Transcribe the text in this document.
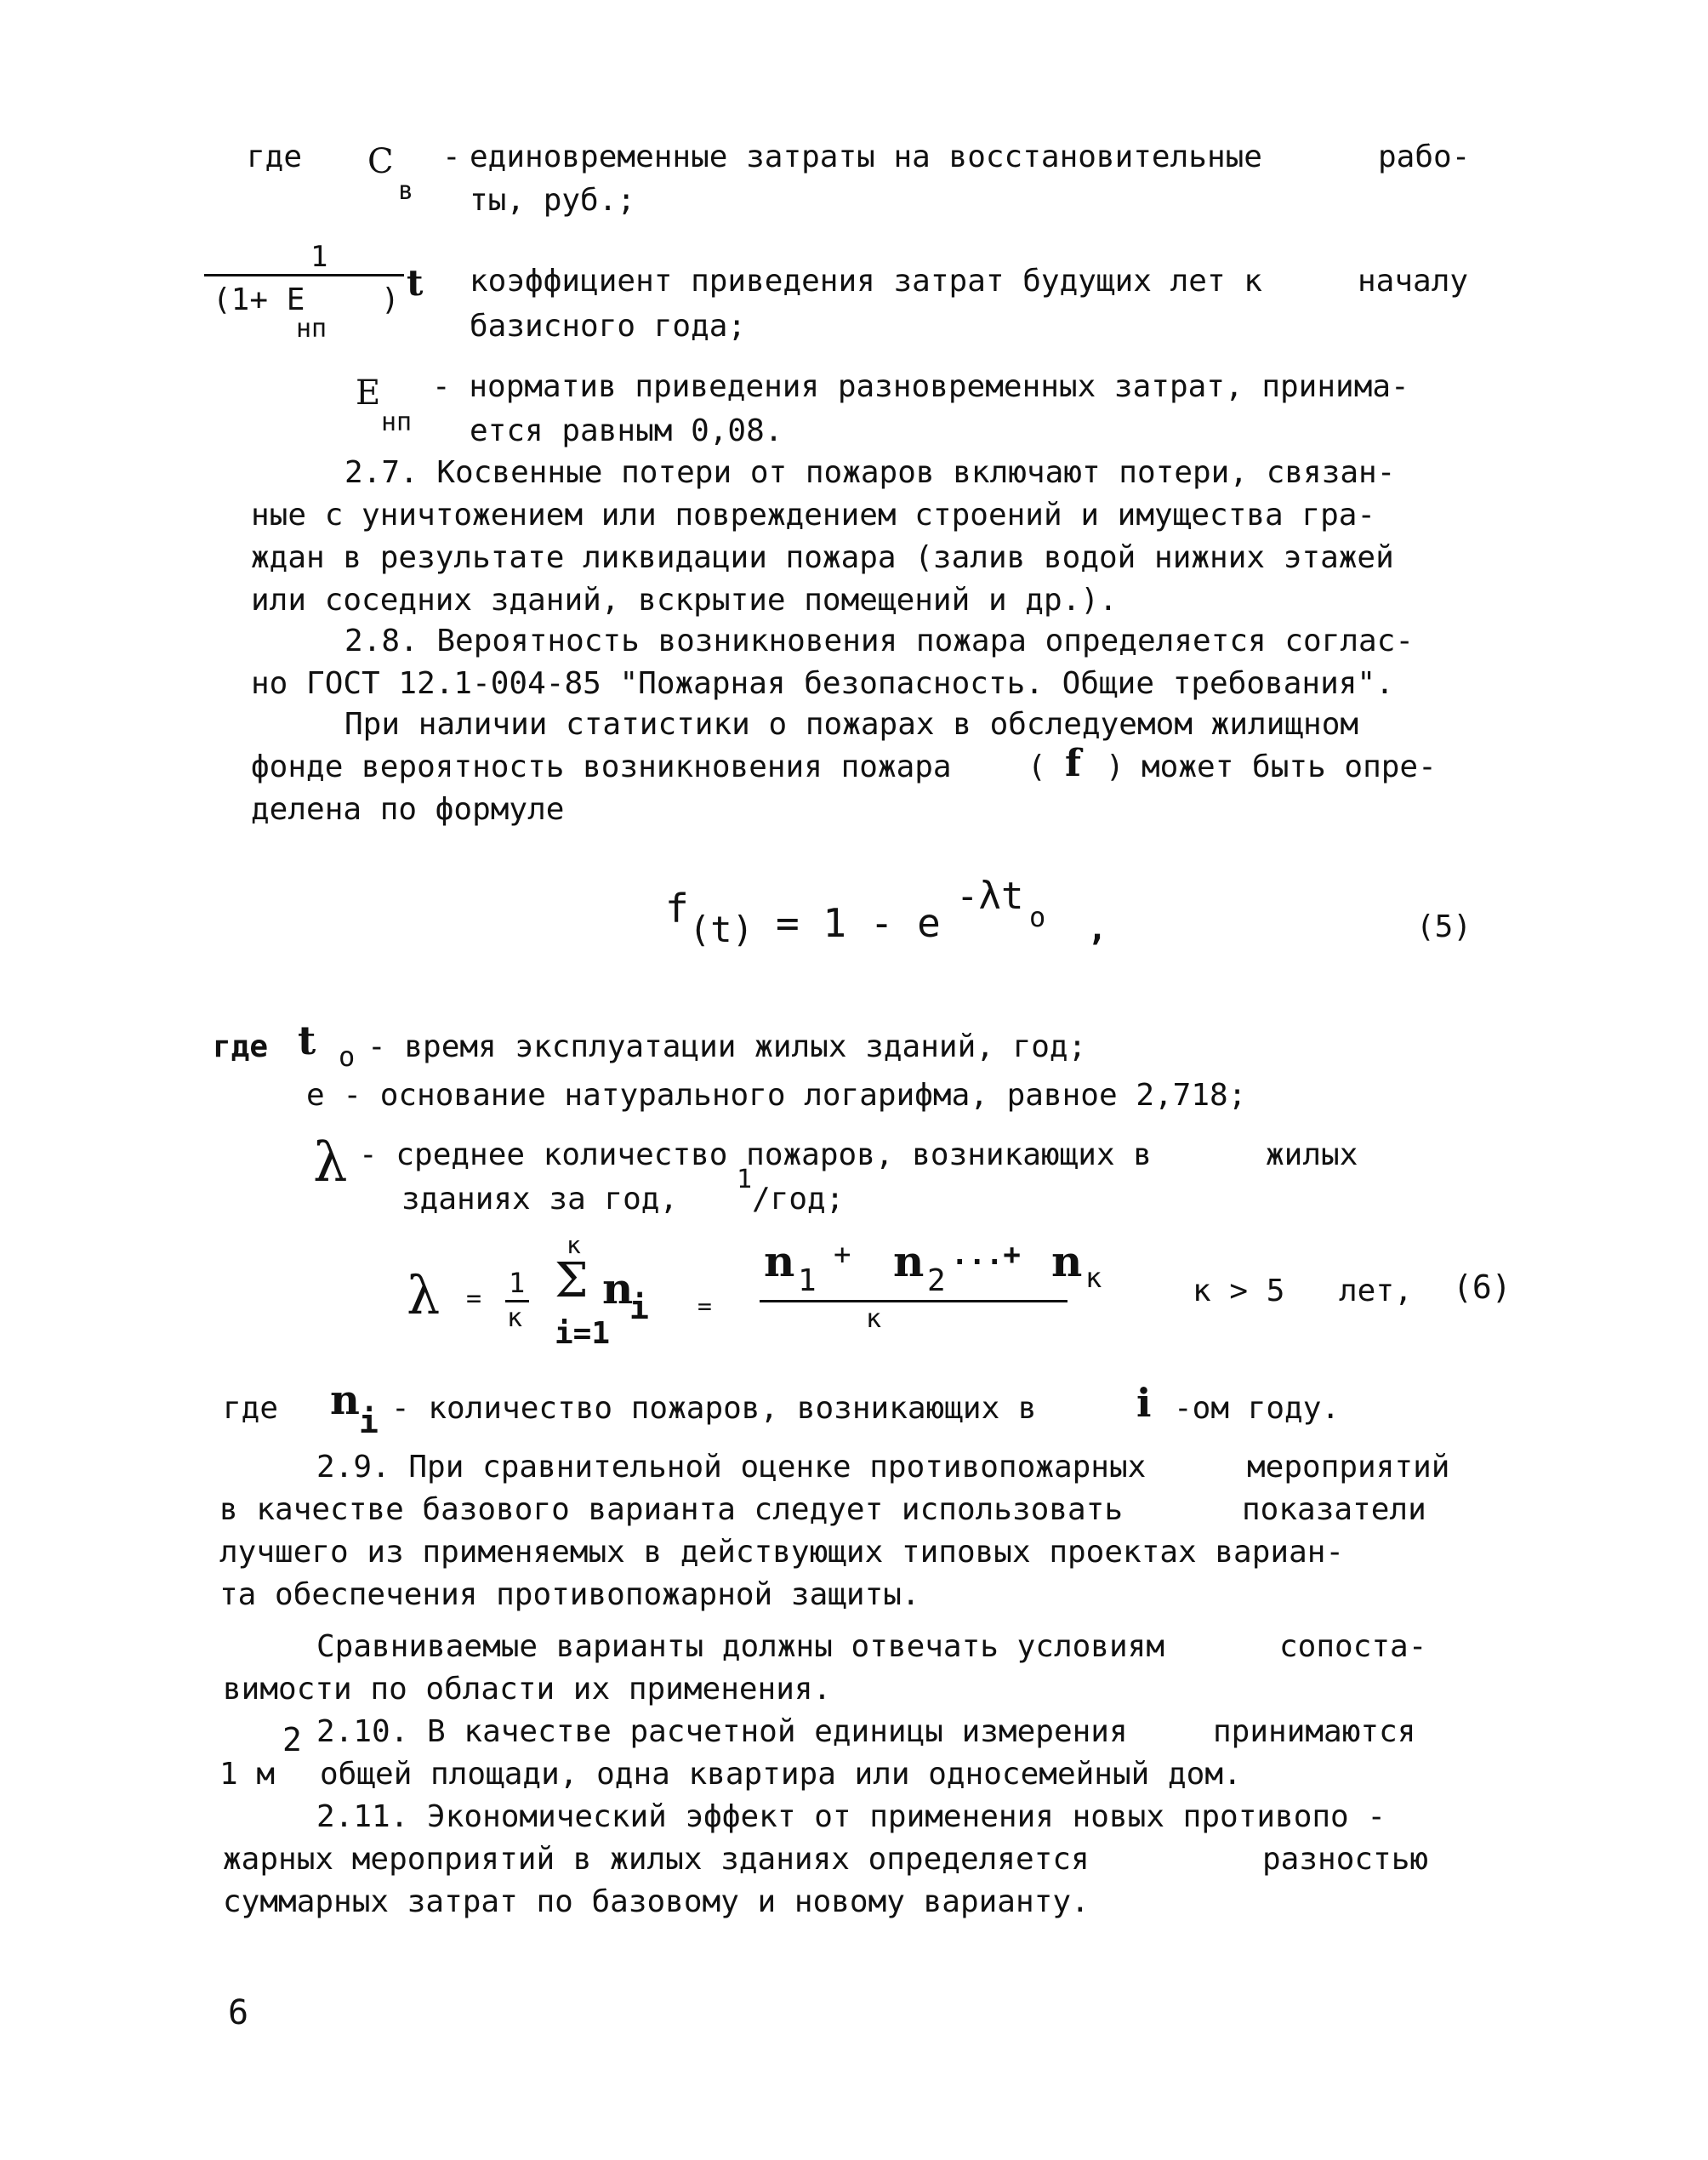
где C
в
- единовременные затраты на восстановительные	рабо-
ты, руб.;
1
(1+ E )
нп
t коэффициент приведения затрат будущих лет к	началу
базисного года;
E
нп
- норматив приведения разновременных затрат, принима-
ется равным 0,08.
2.7. Косвенные потери от пожаров включают потери, связан-
ные с уничтожением или повреждением строений и имущества гра-
ждан в результате ликвидации пожара (залив водой нижних этажей
или соседних зданий, вскрытие помещений и др.).
2.8. Вероятность возникновения пожара определяется соглас‐
но ГОСТ 12.1-004-85 "Пожарная безопасность. Общие требования".
При наличии статистики о пожарах в обследуемом жилищном
фонде вероятность возникновения пожара ( f ) может быть опре-
делена по формуле
f (t) = 1 - e
-λt o ,	(5)
где t o - время эксплуатации жилых зданий, год;
e - основание натурального логарифма, равное 2,718;
λ - среднее количество пожаров, возникающих в	жилых
зданиях за год,
1
/год;
λ = 1
к
к
Σ n
i
i=1
=
n 1
+ n 2
...+ n к
к
к > 5 лет, (6)
где n i - количество пожаров, возникающих в	i -ом году.
2.9. При сравнительной оценке противопожарных	мероприятий
в качестве базового варианта следует использовать	показатели
лучшего из применяемых в действующих типовых проектах вариан-
та обеспечения противопожарной защиты.
Сравниваемые варианты должны отвечать условиям	сопоста-
вимости по области их применения.
2.10. В качестве расчетной единицы измерения	принимаются
2
1 м общей площади, одна квартира или односемейный дом.
2.11. Экономический эффект от применения новых противопо -
жарных мероприятий в жилых зданиях определяется	разностью
суммарных затрат по базовому и новому варианту.
6
